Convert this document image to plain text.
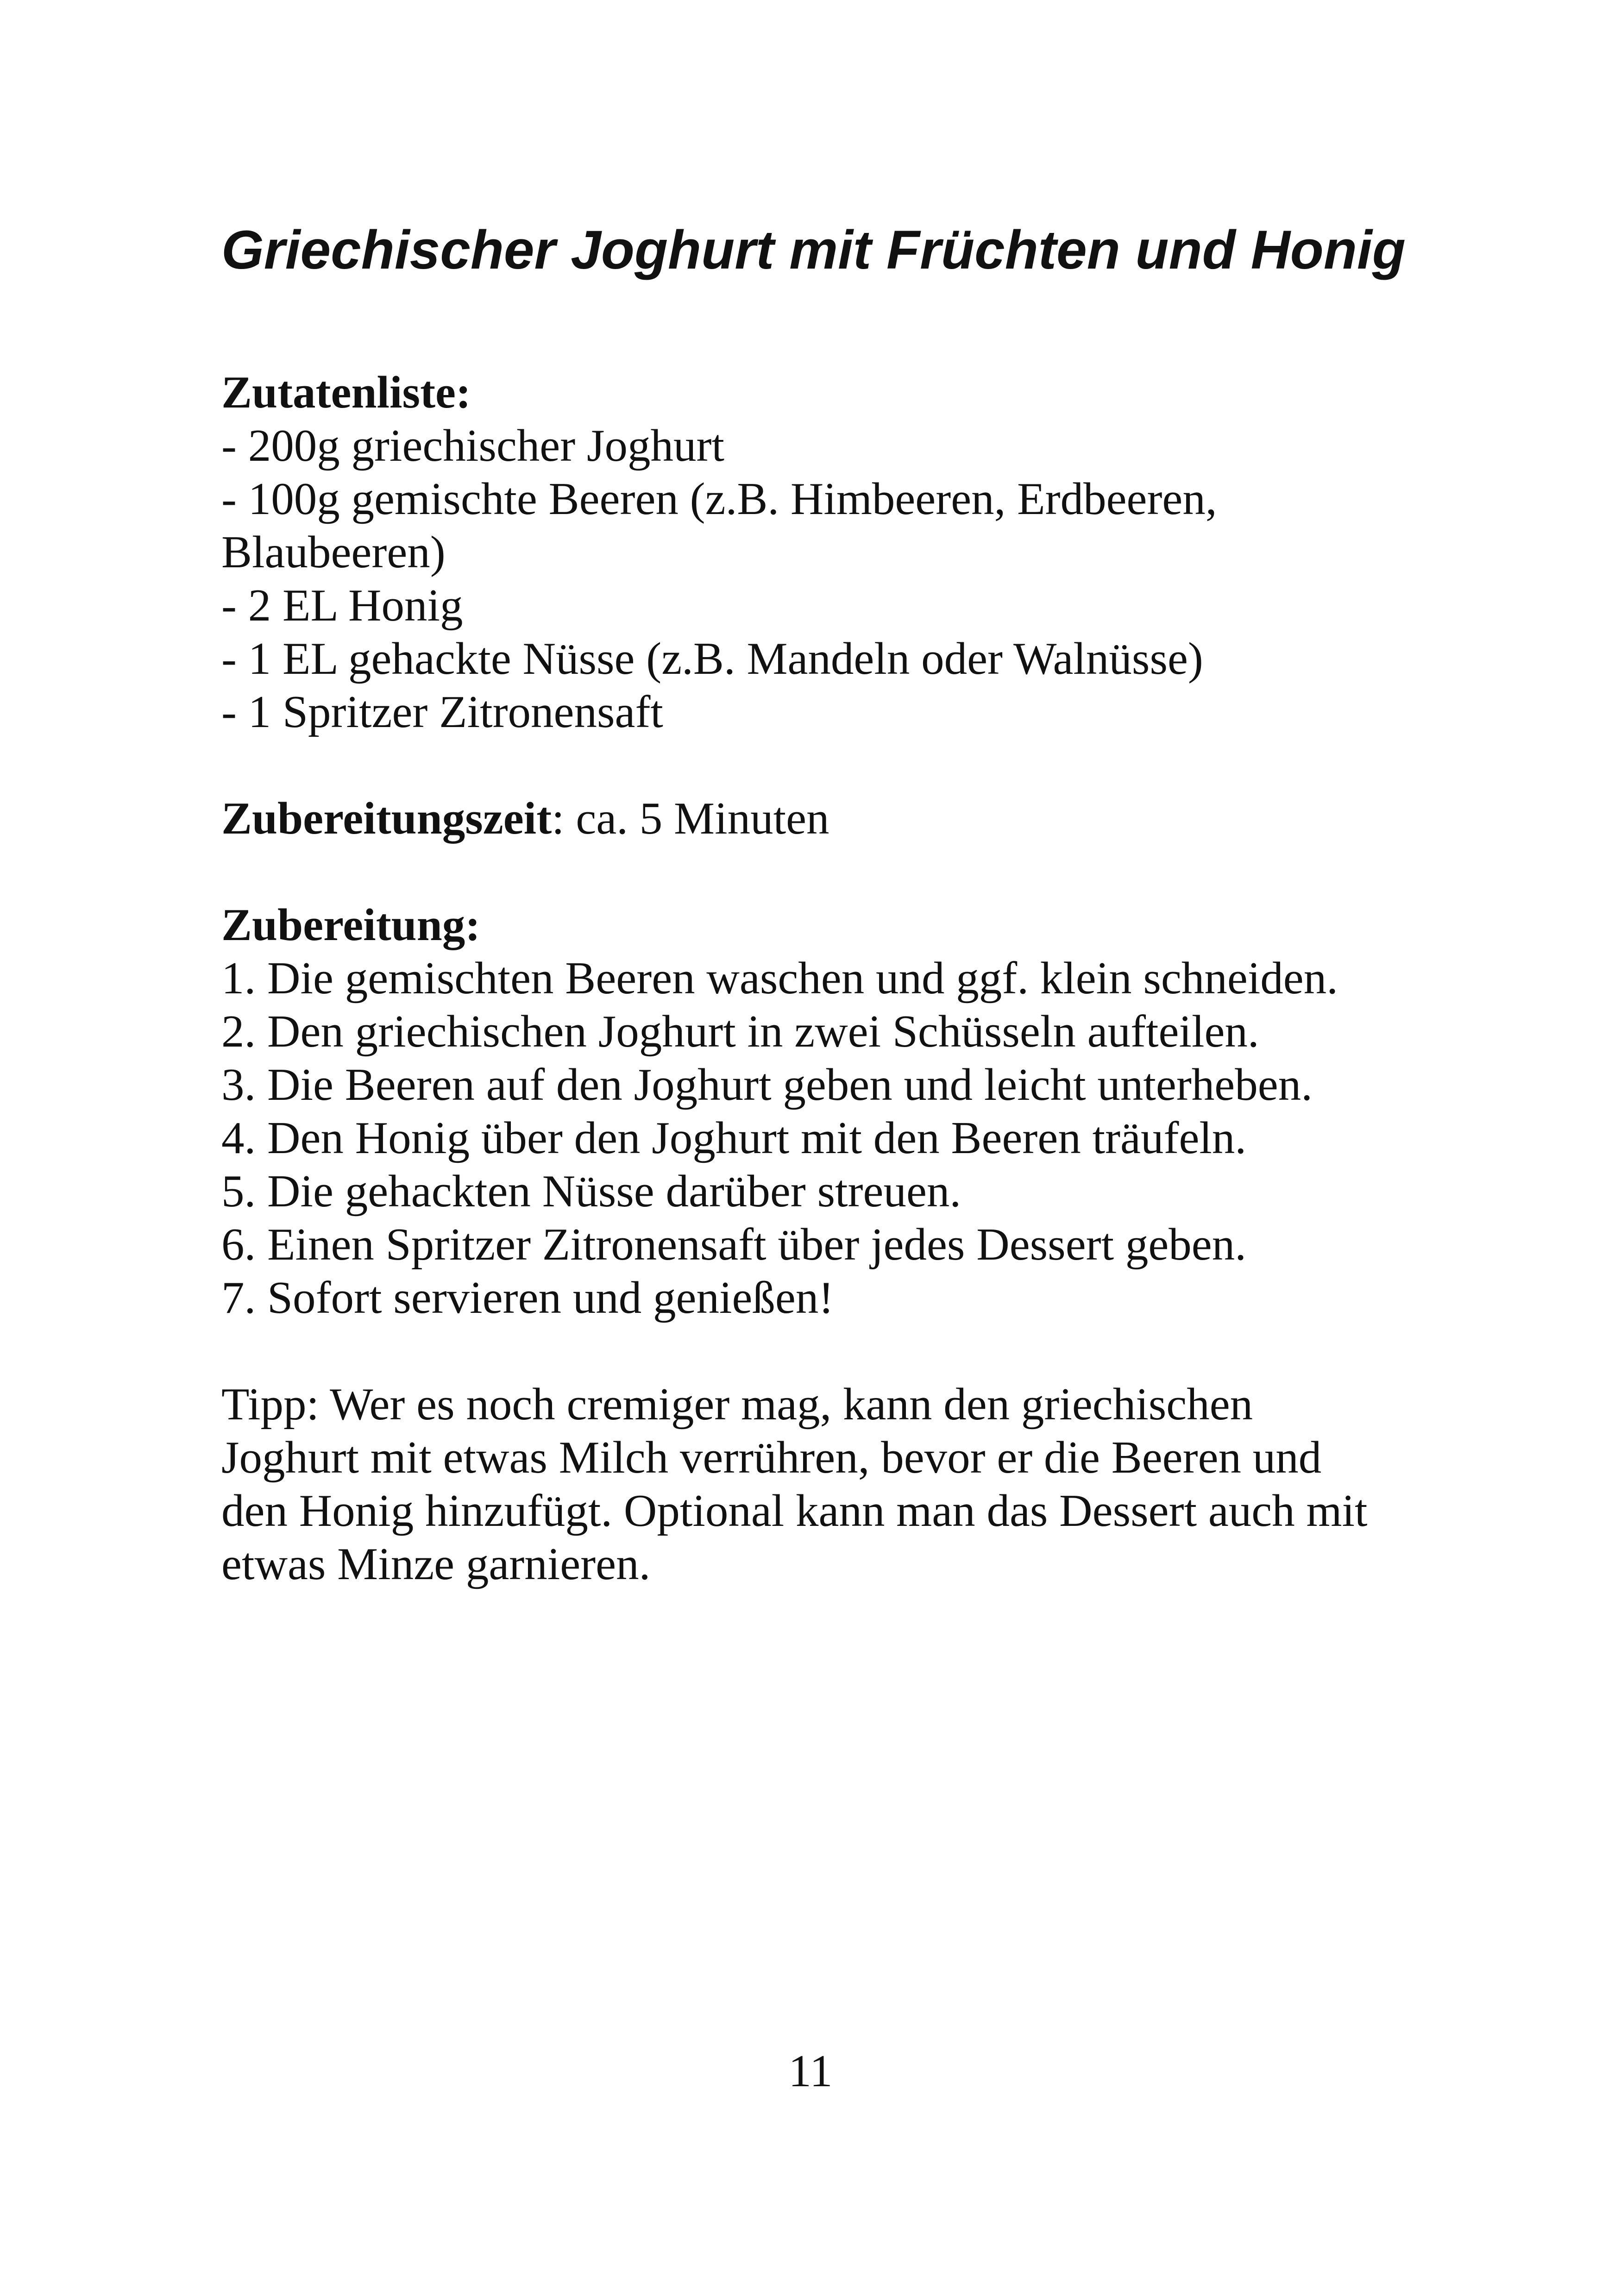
Griechischer Joghurt mit Früchten und Honig
Zutatenliste:
- 200g griechischer Joghurt
- 100g gemischte Beeren (z.B. Himbeeren, Erdbeeren,
Blaubeeren)
- 2 EL Honig
- 1 EL gehackte Nüsse (z.B. Mandeln oder Walnüsse)
- 1 Spritzer Zitronensaft
Zubereitungszeit: ca. 5 Minuten
Zubereitung:
1. Die gemischten Beeren waschen und ggf. klein schneiden.
2. Den griechischen Joghurt in zwei Schüsseln aufteilen.
3. Die Beeren auf den Joghurt geben und leicht unterheben.
4. Den Honig über den Joghurt mit den Beeren träufeln.
5. Die gehackten Nüsse darüber streuen.
6. Einen Spritzer Zitronensaft über jedes Dessert geben.
7. Sofort servieren und genießen!
Tipp: Wer es noch cremiger mag, kann den griechischen
Joghurt mit etwas Milch verrühren, bevor er die Beeren und
den Honig hinzufügt. Optional kann man das Dessert auch mit
etwas Minze garnieren.
11
